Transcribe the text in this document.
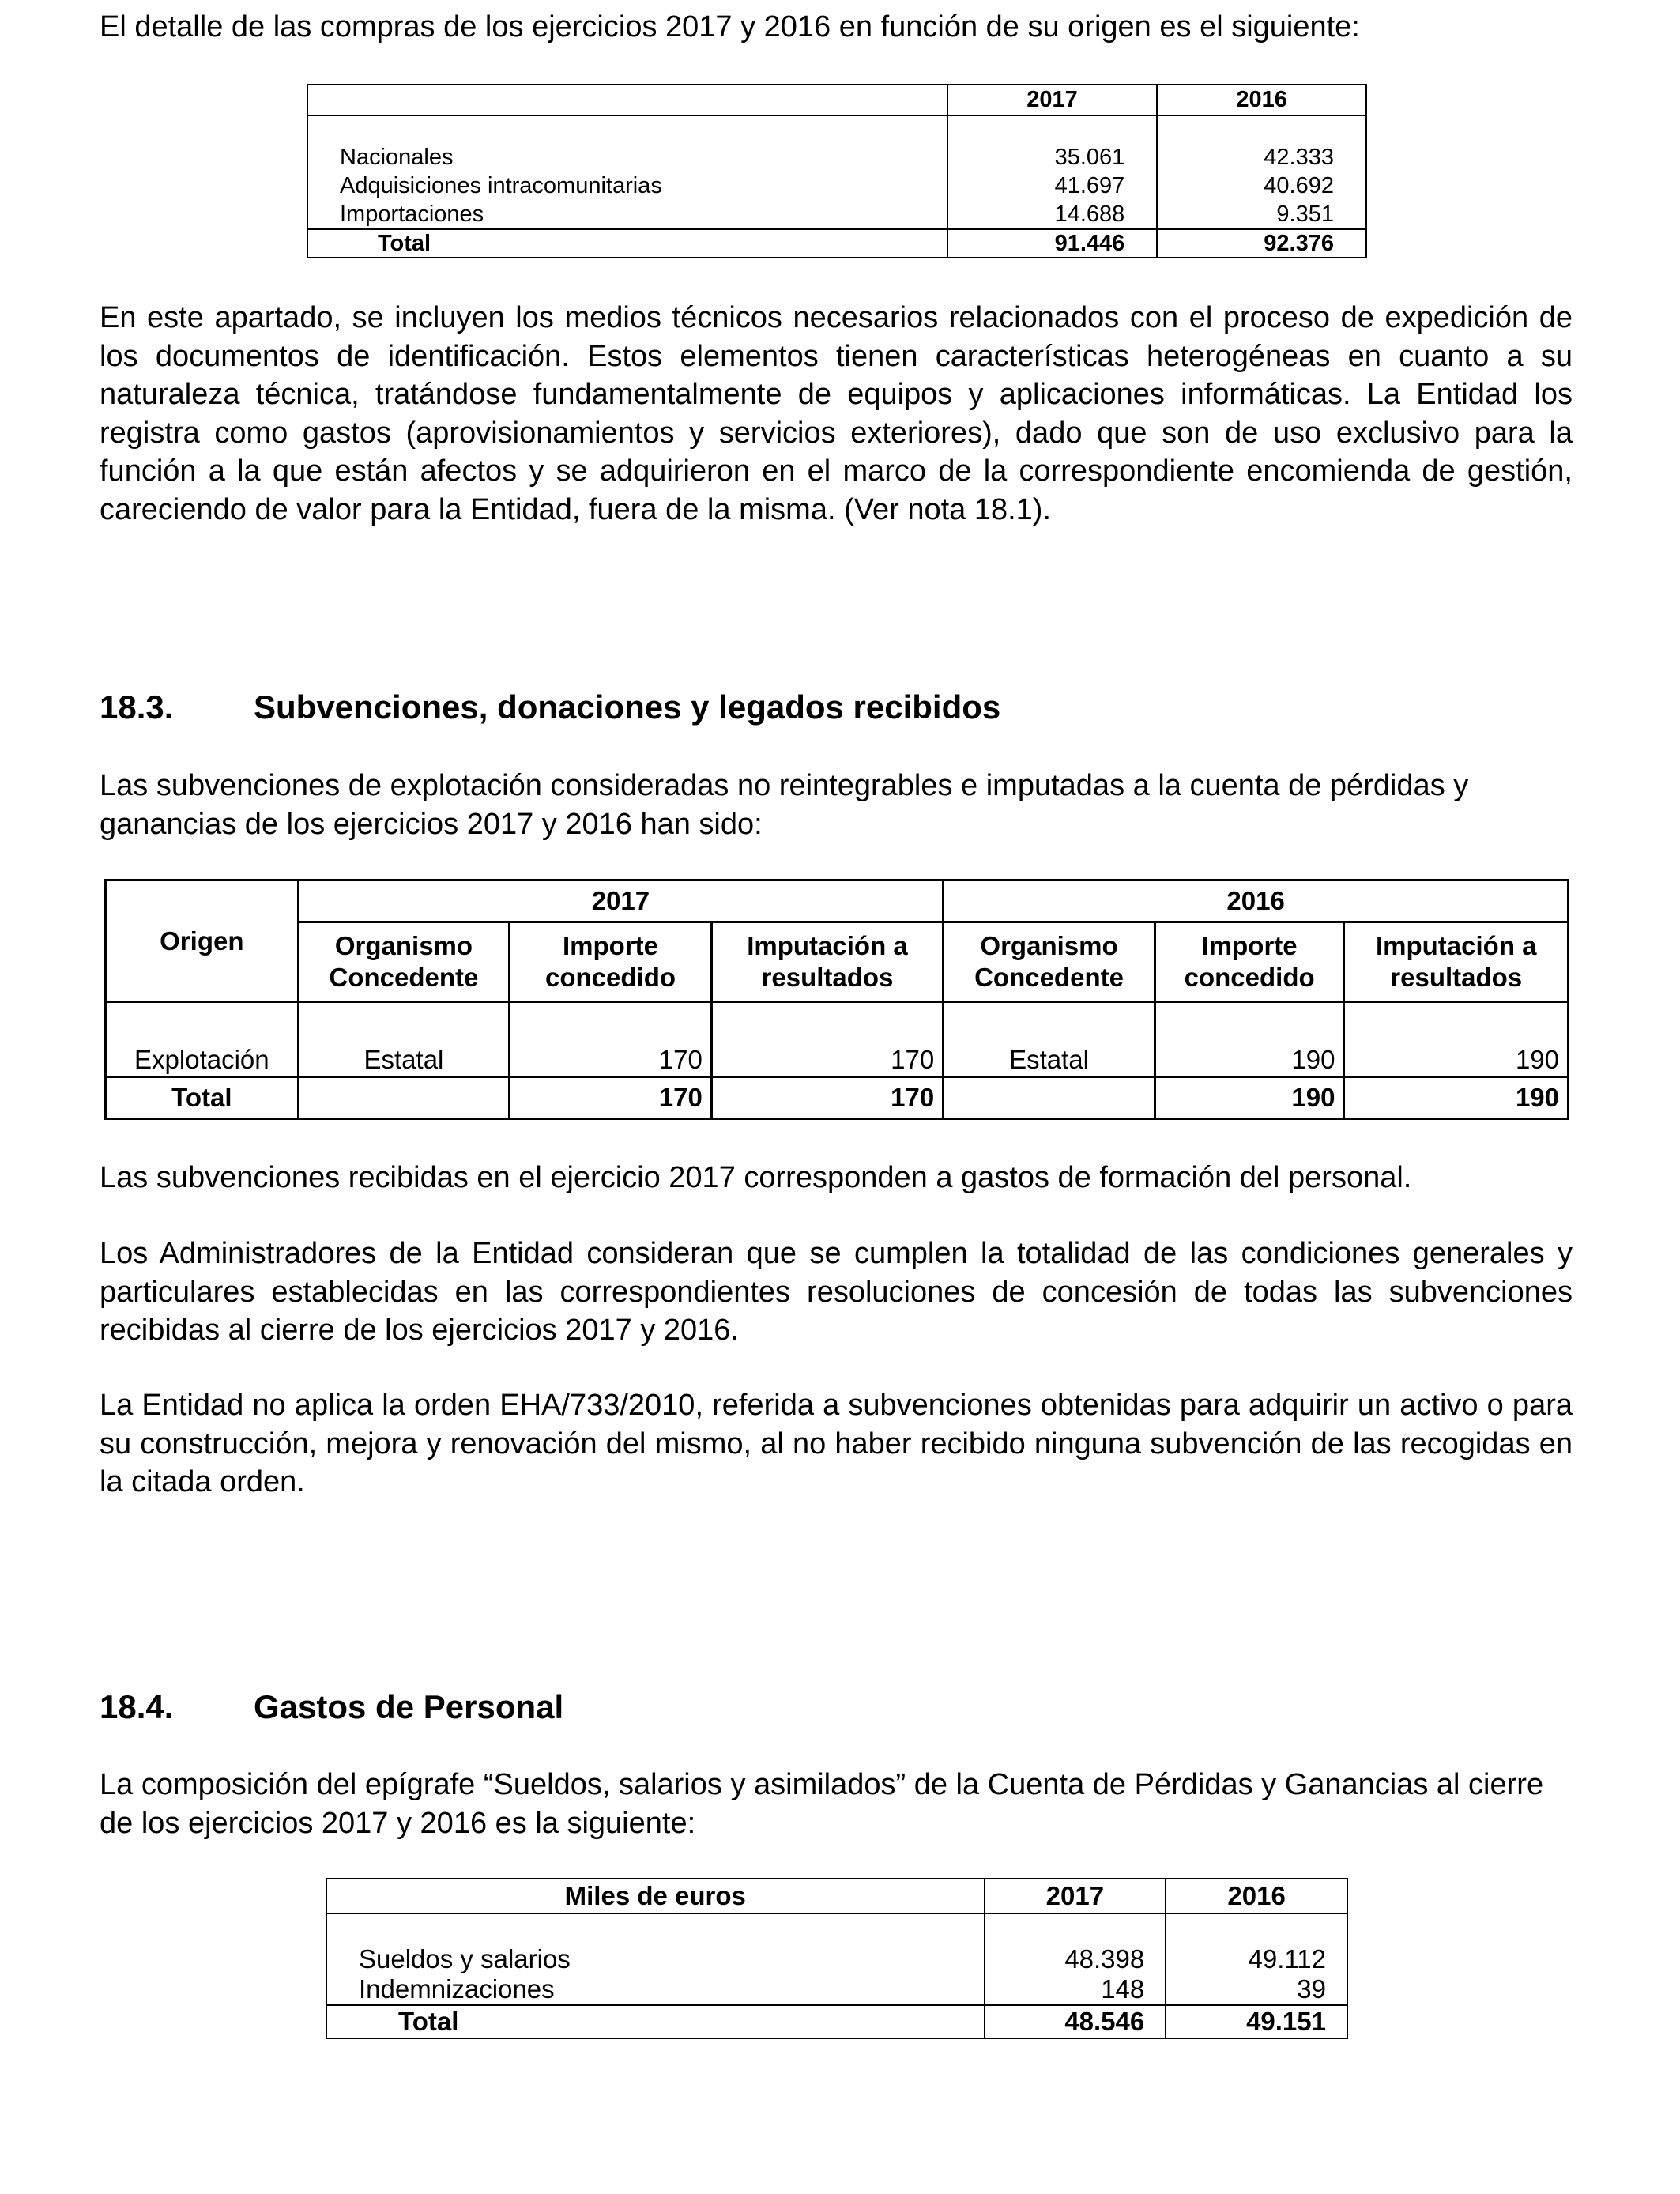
El detalle de las compras de los ejercicios 2017 y 2016 en función de su origen es el siguiente:

	2017	2016

Nacionales	35.061	42.333
Adquisiciones intracomunitarias	41.697	40.692
Importaciones	14.688	9.351
Total	91.446	92.376

En este apartado, se incluyen los medios técnicos necesarios relacionados con el proceso de expedición de los documentos de identificación. Estos elementos tienen características heterogéneas en cuanto a su naturaleza técnica, tratándose fundamentalmente de equipos y aplicaciones informáticas. La Entidad los registra como gastos (aprovisionamientos y servicios exteriores), dado que son de uso exclusivo para la función a la que están afectos y se adquirieron en el marco de la correspondiente encomienda de gestión, careciendo de valor para la Entidad, fuera de la misma. (Ver nota 18.1).

18.3. Subvenciones, donaciones y legados recibidos

Las subvenciones de explotación consideradas no reintegrables e imputadas a la cuenta de pérdidas y ganancias de los ejercicios 2017 y 2016 han sido:

Origen	2017			2016		
	Organismo Concedente	Importe concedido	Imputación a resultados	Organismo Concedente	Importe concedido	Imputación a resultados
Explotación	Estatal	170	170	Estatal	190	190
Total		170	170		190	190

Las subvenciones recibidas en el ejercicio 2017 corresponden a gastos de formación del personal.

Los Administradores de la Entidad consideran que se cumplen la totalidad de las condiciones generales y particulares establecidas en las correspondientes resoluciones de concesión de todas las subvenciones recibidas al cierre de los ejercicios 2017 y 2016.

La Entidad no aplica la orden EHA/733/2010, referida a subvenciones obtenidas para adquirir un activo o para su construcción, mejora y renovación del mismo, al no haber recibido ninguna subvención de las recogidas en la citada orden.

18.4. Gastos de Personal

La composición del epígrafe “Sueldos, salarios y asimilados” de la Cuenta de Pérdidas y Ganancias al cierre de los ejercicios 2017 y 2016 es la siguiente:

Miles de euros	2017	2016

Sueldos y salarios	48.398	49.112
Indemnizaciones	148	39
Total	48.546	49.151
